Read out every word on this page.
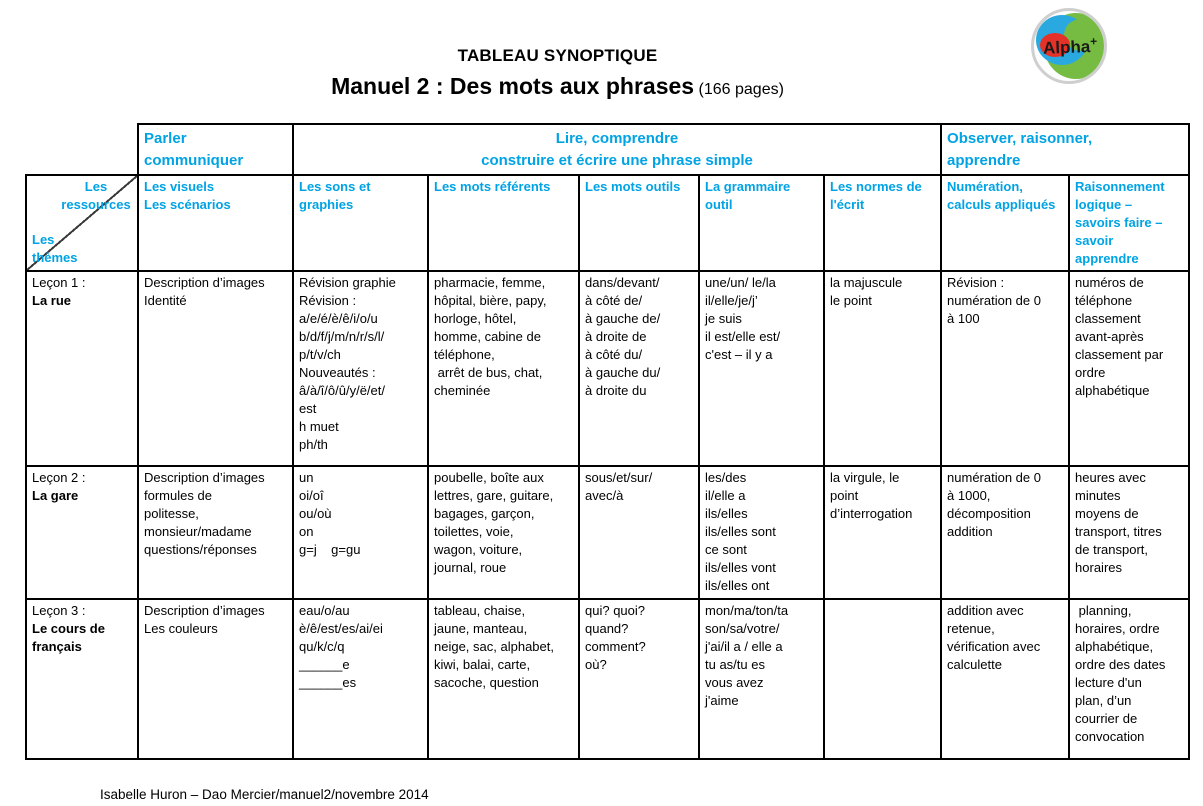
TABLEAU SYNOPTIQUE
Manuel 2 : Des mots aux phrases (166 pages)
Alpha+
	Parler
communiquer	Lire, comprendre
construire et écrire une phrase simple					Observer, raisonner,
apprendre	

Les
ressources

Les
thèmes

	Les visuels
Les scénarios	Les sons et
graphies	Les mots référents	Les mots outils	La grammaire
outil	Les normes de
l'écrit	Numération,
calculs appliqués	Raisonnement
logique –
savoirs faire –
savoir
apprendre
Leçon 1 :
La rue	Description d’images
Identité	Révision graphie
Révision :
a/e/é/è/ê/i/o/u
b/d/f/j/m/n/r/s/l/
p/t/v/ch
Nouveautés :
â/à/î/ô/û/y/ë/et/
est
h muet
ph/th	pharmacie, femme,
hôpital, bière, papy,
horloge, hôtel,
homme, cabine de
téléphone,
arrêt de bus, chat,
cheminée	dans/devant/
à côté de/
à gauche de/
à droite de
à côté du/
à gauche du/
à droite du	une/un/ le/la
il/elle/je/j’
je suis
il est/elle est/
c'est – il y a	la majuscule
le point	Révision :
numération de 0
à 100	numéros de
téléphone
classement
avant-après
classement par
ordre
alphabétique
Leçon 2 :
La gare	Description d’images
formules de
politesse,
monsieur/madame
questions/réponses	un
oi/oî
ou/où
on
g=j    g=gu	poubelle, boîte aux
lettres, gare, guitare,
bagages, garçon,
toilettes, voie,
wagon, voiture,
journal, roue	sous/et/sur/
avec/à	les/des
il/elle a
ils/elles
ils/elles sont
ce sont
ils/elles vont
ils/elles ont	la virgule, le
point
d’interrogation	numération de 0
à 1000,
décomposition
addition	heures avec
minutes
moyens de
transport, titres
de transport,
horaires
Leçon 3 :
Le cours de
français	Description d’images
Les couleurs	eau/o/au
è/ê/est/es/ai/ei
qu/k/c/q
______e
______es	tableau, chaise,
jaune, manteau,
neige, sac, alphabet,
kiwi, balai, carte,
sacoche, question	qui? quoi?
quand?
comment?
où?	mon/ma/ton/ta
son/sa/votre/
j'ai/il a / elle a
tu as/tu es
vous avez
j'aime		addition avec
retenue,
vérification avec
calculette	planning,
horaires, ordre
alphabétique,
ordre des dates
lecture d'un
plan, d’un
courrier de
convocation
Isabelle Huron – Dao Mercier/manuel2/novembre 2014
